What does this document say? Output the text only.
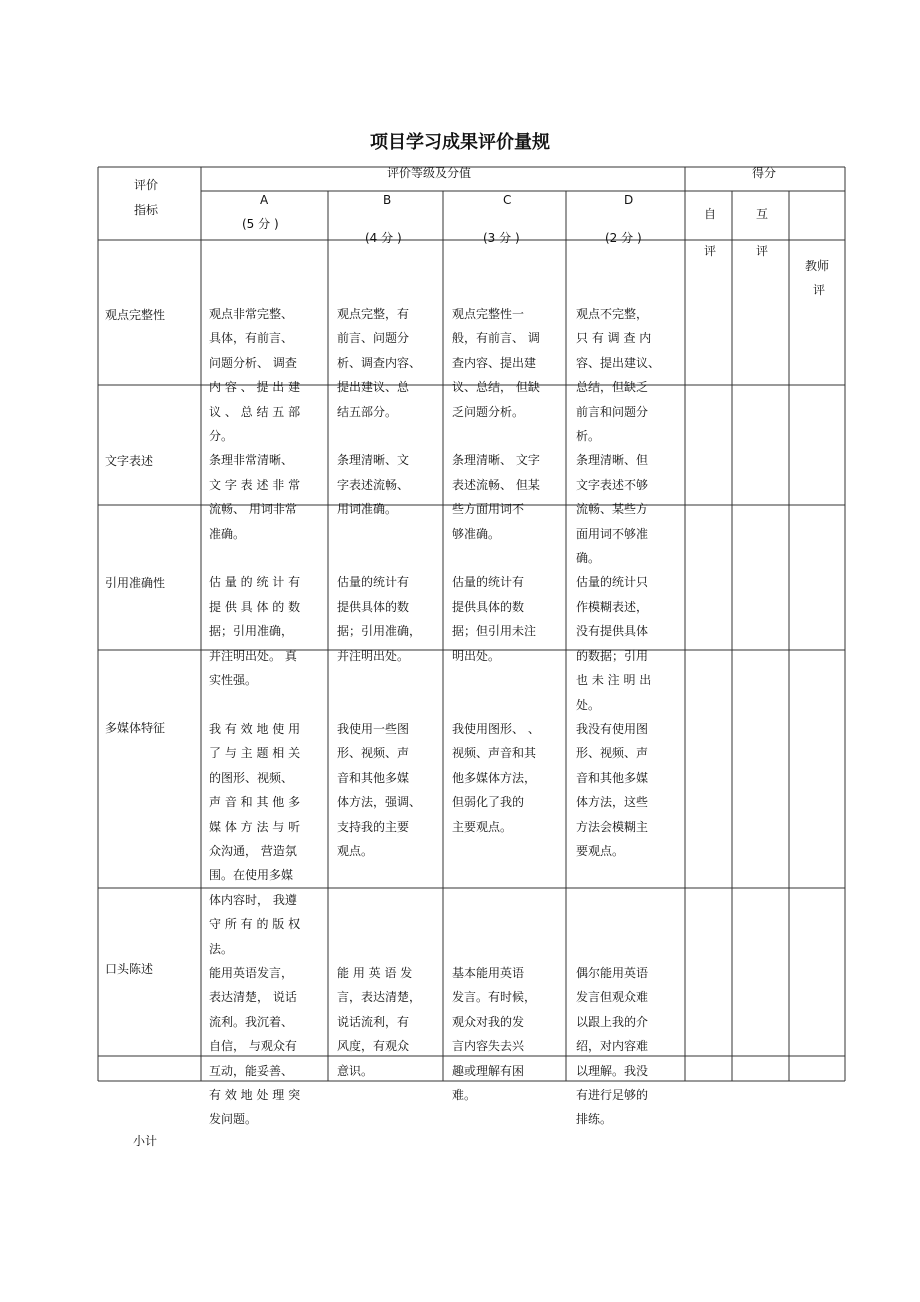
项目学习成果评价量规
评价
指标
评价等级及分值	得分
A
(5 分 )
B
(4 分 )
C
(3 分 )
D
(2 分 )
自
评
互
评
教师
评
观点完整性
文字表述
引用准确性
多媒体特征
口头陈述
观点非常完整、
具体，有前言、
问题分析、 调查
内 容 、 提 出 建
议 、 总 结 五 部
分。
条理非常清晰、
文 字 表 述 非 常
流畅、 用词非常
准确。

估 量 的 统 计 有
提 供 具 体 的 数
据；引用准确，
并注明出处。 真
实性强。

我 有 效 地 使 用
了 与 主 题 相 关
的图形、视频、
声 音 和 其 他 多
媒 体 方 法 与 听
众沟通， 营造氛
围。在使用多媒
体内容时， 我遵
守 所 有 的 版 权
法。
能用英语发言，
表达清楚， 说话
流利。我沉着、
自信， 与观众有
互动，能妥善、
有 效 地 处 理 突
发问题。
观点完整，有
前言、问题分
析、调查内容、
提出建议、总
结五部分。

条理清晰、文
字表述流畅、
用词准确。

估量的统计有
提供具体的数
据；引用准确，
并注明出处。

我使用一些图
形、视频、声
音和其他多媒
体方法，强调、
支持我的主要
观点。

能 用 英 语 发
言，表达清楚，
说话流利，有
风度，有观众
意识。
观点完整性一
般，有前言、 调
查内容、提出建
议、总结， 但缺
乏问题分析。

条理清晰、 文字
表述流畅、 但某
些方面用词不
够准确。

估量的统计有
提供具体的数
据；但引用未注
明出处。

我使用图形、 、
视频、声音和其
他多媒体方法，
但弱化了我的
主要观点。

基本能用英语
发言。有时候，
观众对我的发
言内容失去兴
趣或理解有困
难。
观点不完整，
只 有 调 查 内
容、提出建议、
总结，但缺乏
前言和问题分
析。
条理清晰、但
文字表述不够
流畅、某些方
面用词不够准
确。
估量的统计只
作模糊表述，
没有提供具体
的数据；引用
也 未 注 明 出
处。
我没有使用图
形、视频、声
音和其他多媒
体方法，这些
方法会模糊主
要观点。

偶尔能用英语
发言但观众难
以跟上我的介
绍，对内容难
以理解。我没
有进行足够的
排练。
小计
